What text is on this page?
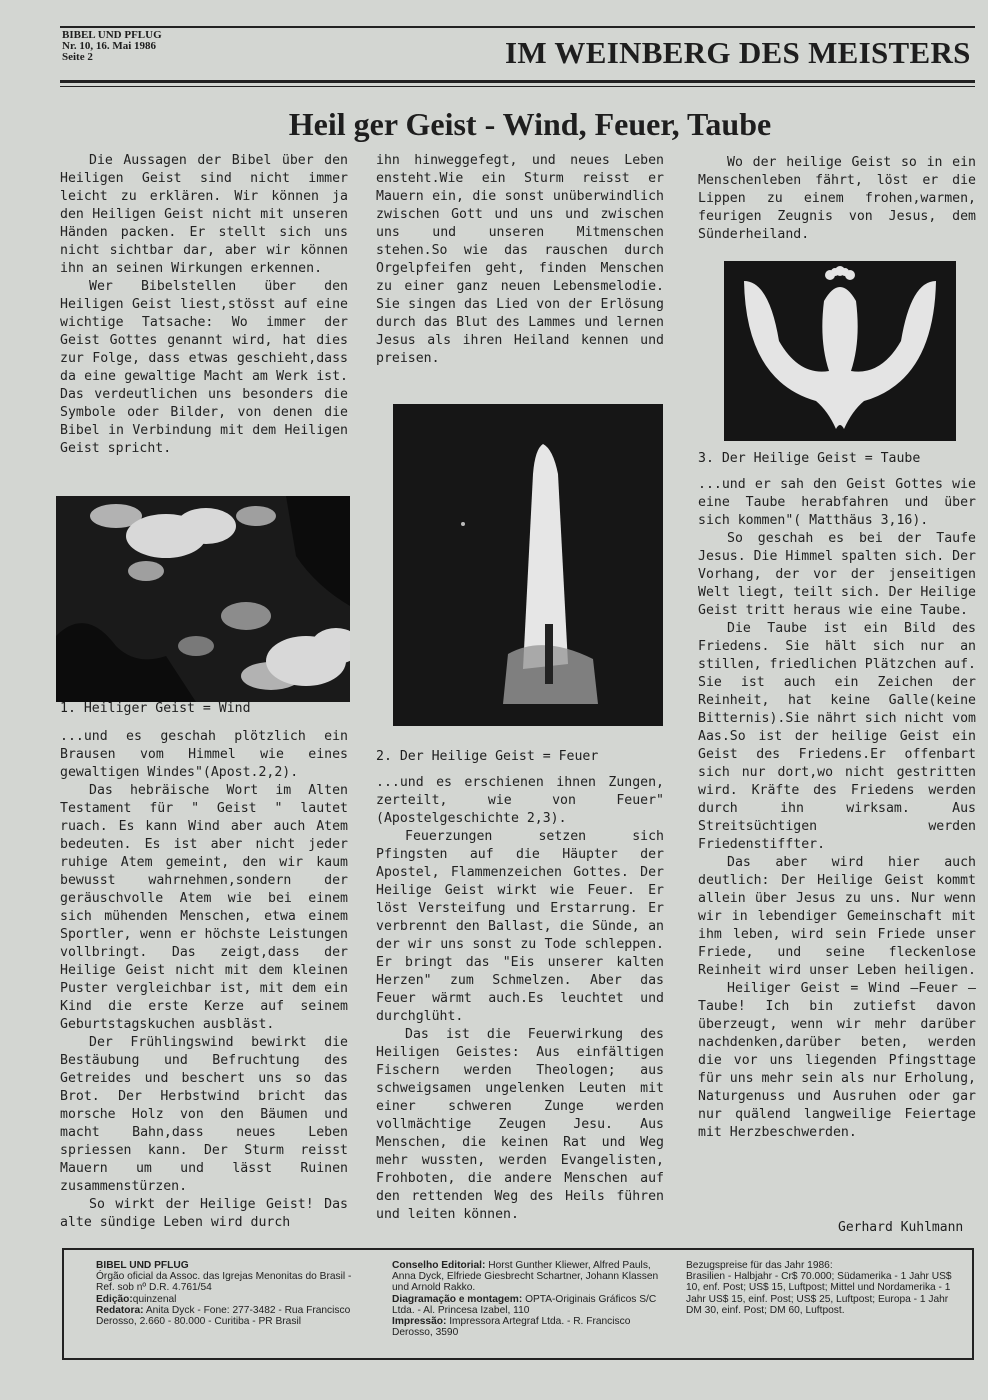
BIBEL UND PFLUG
Nr. 10, 16. Mai 1986
Seite 2	IM WEINBERG DES MEISTERS
Heil ger Geist - Wind, Feuer, Taube

Die Aussagen der Bibel über den Heiligen Geist sind nicht immer leicht zu erklären. Wir können ja den Heiligen Geist nicht mit unseren Händen packen. Er stellt sich uns nicht sichtbar dar, aber wir können ihn an seinen Wirkungen erkennen.

Wer Bibelstellen über den Heiligen Geist liest,stösst auf eine wichtige Tatsache: Wo immer der Geist Gottes genannt wird, hat dies zur Folge, dass etwas geschieht,dass da eine gewaltige Macht am Werk ist. Das verdeutlichen uns besonders die Symbole oder Bilder, von denen die Bibel in Verbindung mit dem Heiligen Geist spricht.

1. Heiliger Geist = Wind

...und es geschah plötzlich ein Brausen vom Himmel wie eines gewaltigen Windes"(Apost.2,2).

Das hebräische Wort im Alten Testament für " Geist " lautet ruach. Es kann Wind aber auch Atem bedeuten. Es ist aber nicht jeder ruhige Atem gemeint, den wir kaum bewusst wahrnehmen,sondern der geräuschvolle Atem wie bei einem sich mühenden Menschen, etwa einem Sportler, wenn er höchste Leistungen vollbringt. Das zeigt,dass der Heilige Geist nicht mit dem kleinen Puster vergleichbar ist, mit dem ein Kind die erste Kerze auf seinem Geburtstagskuchen ausbläst.

Der Frühlingswind bewirkt die Bestäubung und Befruchtung des Getreides und beschert uns so das Brot. Der Herbstwind bricht das morsche Holz von den Bäumen und macht Bahn,dass neues Leben spriessen kann. Der Sturm reisst Mauern um und lässt Ruinen zusammenstürzen.

So wirkt der Heilige Geist! Das alte sündige Leben wird durch

ihn hinweggefegt, und neues Leben ensteht.Wie ein Sturm reisst er Mauern ein, die sonst unüberwindlich zwischen Gott und uns und zwischen uns und unseren Mitmenschen stehen.So wie das rauschen durch Orgelpfeifen geht, finden Menschen zu einer ganz neuen Lebensmelodie. Sie singen das Lied von der Erlösung durch das Blut des Lammes und lernen Jesus als ihren Heiland kennen und preisen.

2. Der Heilige Geist = Feuer

...und es erschienen ihnen Zungen, zerteilt, wie von Feuer" (Apostelgeschichte 2,3).

Feuerzungen setzen sich Pfingsten auf die Häupter der Apostel, Flammenzeichen Gottes. Der Heilige Geist wirkt wie Feuer. Er löst Versteifung und Erstarrung. Er verbrennt den Ballast, die Sünde, an der wir uns sonst zu Tode schleppen. Er bringt das "Eis unserer kalten Herzen" zum Schmelzen. Aber das Feuer wärmt auch.Es leuchtet und durchglüht.

Das ist die Feuerwirkung des Heiligen Geistes: Aus einfältigen Fischern werden Theologen; aus schweigsamen ungelenken Leuten mit einer schweren Zunge werden vollmächtige Zeugen Jesu. Aus Menschen, die keinen Rat und Weg mehr wussten, werden Evangelisten, Frohboten, die andere Menschen auf den rettenden Weg des Heils führen und leiten können.

Wo der heilige Geist so in ein Menschenleben fährt, löst er die Lippen zu einem frohen,warmen, feurigen Zeugnis von Jesus, dem Sünderheiland.

3. Der Heilige Geist = Taube

...und er sah den Geist Gottes wie eine Taube herabfahren und über sich kommen"( Matthäus 3,16).

So geschah es bei der Taufe Jesus. Die Himmel spalten sich. Der Vorhang, der vor der jenseitigen Welt liegt, teilt sich. Der Heilige Geist tritt heraus wie eine Taube.

Die Taube ist ein Bild des Friedens. Sie hält sich nur an stillen, friedlichen Plätzchen auf. Sie ist auch ein Zeichen der Reinheit, hat keine Galle(keine Bitternis).Sie nährt sich nicht vom Aas.So ist der heilige Geist ein Geist des Friedens.Er offenbart sich nur dort,wo nicht gestritten wird. Kräfte des Friedens werden durch ihn wirksam. Aus Streitsüchtigen werden Friedenstiffter.

Das aber wird hier auch deutlich: Der Heilige Geist kommt allein über Jesus zu uns. Nur wenn wir in lebendiger Gemeinschaft mit ihm leben, wird sein Friede unser Friede, und seine fleckenlose Reinheit wird unser Leben heiligen.

Heiliger Geist = Wind —Feuer — Taube! Ich bin zutiefst davon überzeugt, wenn wir mehr darüber nachdenken,darüber beten, werden die vor uns liegenden Pfingsttage für uns mehr sein als nur Erholung, Naturgenuss und Ausruhen oder gar nur quälend langweilige Feiertage mit Herzbeschwerden.

Gerhard Kuhlmann
BIBEL UND PFLUG
Órgão oficial da Assoc. das Igrejas Menonitas do Brasil - Ref. sob nº D.R. 4.761/54
Edição:quinzenal
Redatora: Anita Dyck - Fone: 277-3482 - Rua Francisco Derosso, 2.660 - 80.000 - Curitiba - PR Brasil
Conselho Editorial: Horst Gunther Kliewer, Alfred Pauls, Anna Dyck, Elfriede Giesbrecht Schartner, Johann Klassen und Arnold Rakko.
Diagramação e montagem: OPTA-Originais Gráficos S/C Ltda. - Al. Princesa Izabel, 110
Impressão: Impressora Artegraf Ltda. - R. Francisco Derosso, 3590
Bezugspreise für das Jahr 1986:
Brasilien - Halbjahr - Cr$ 70.000; Südamerika - 1 Jahr US$ 10, enf. Post; US$ 15, Luftpost; Mittel und Nordamerika - 1 Jahr US$ 15, einf. Post; US$ 25, Luftpost; Europa - 1 Jahr DM 30, einf. Post; DM 60, Luftpost.
